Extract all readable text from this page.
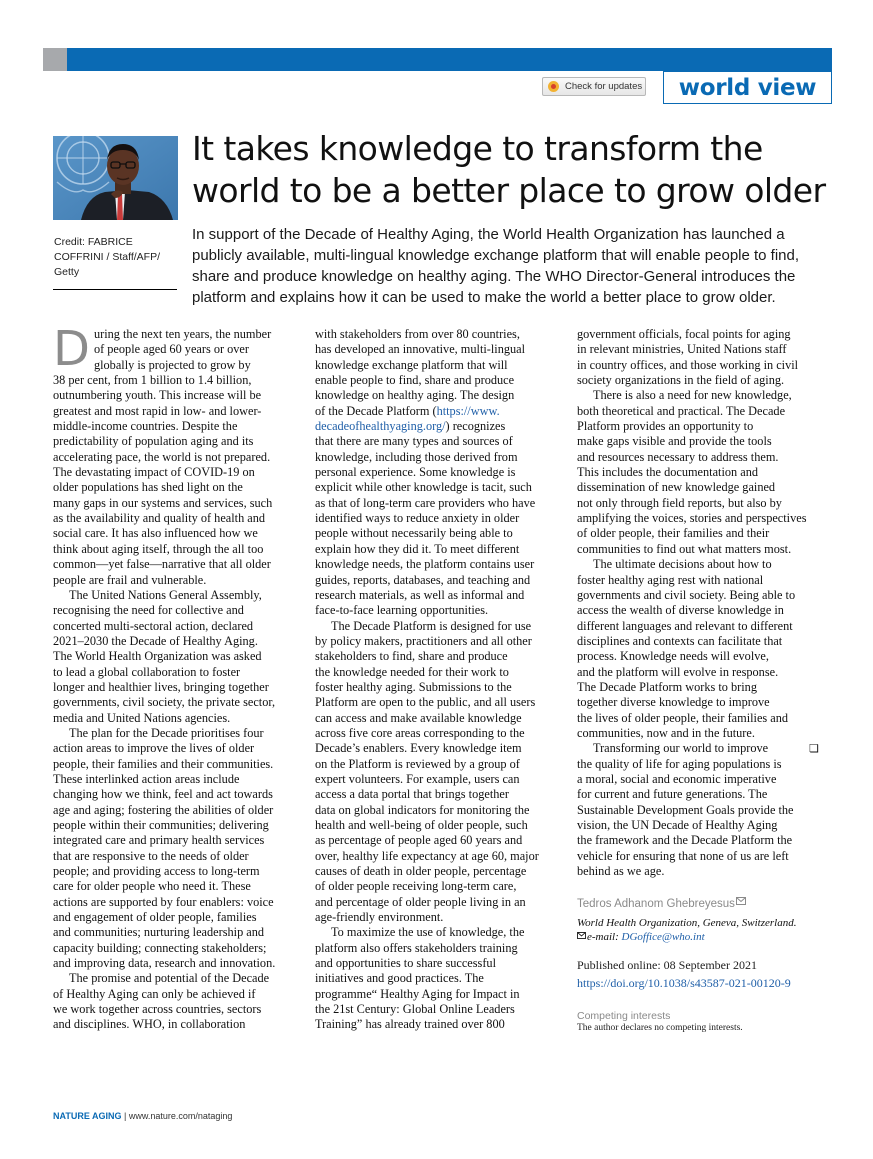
Check for updates	world view
Credit: FABRICE
COFFRINI / Staff/AFP/
Getty
It takes knowledge to transform the
world to be a better place to grow older

In support of the Decade of Healthy Aging, the World Health Organization has launched a
publicly available, multi-lingual knowledge exchange platform that will enable people to find,
share and produce knowledge on healthy aging. The WHO Director-General introduces the
platform and explains how it can be used to make the world a better place to grow older.

During the next ten years, the number
of people aged 60 years or over
globally is projected to grow by
38 per cent, from 1 billion to 1.4 billion,
outnumbering youth. This increase will be
greatest and most rapid in low- and lower-
middle-income countries. Despite the
predictability of population aging and its
accelerating pace, the world is not prepared.
The devastating impact of COVID-19 on
older populations has shed light on the
many gaps in our systems and services, such
as the availability and quality of health and
social care. It has also influenced how we
think about aging itself, through the all too
common—yet false—narrative that all older
people are frail and vulnerable.

The United Nations General Assembly,
recognising the need for collective and
concerted multi-sectoral action, declared
2021–2030 the Decade of Healthy Aging.
The World Health Organization was asked
to lead a global collaboration to foster
longer and healthier lives, bringing together
governments, civil society, the private sector,
media and United Nations agencies.

The plan for the Decade prioritises four
action areas to improve the lives of older
people, their families and their communities.
These interlinked action areas include
changing how we think, feel and act towards
age and aging; fostering the abilities of older
people within their communities; delivering
integrated care and primary health services
that are responsive to the needs of older
people; and providing access to long-term
care for older people who need it. These
actions are supported by four enablers: voice
and engagement of older people, families
and communities; nurturing leadership and
capacity building; connecting stakeholders;
and improving data, research and innovation.

The promise and potential of the Decade
of Healthy Aging can only be achieved if
we work together across countries, sectors
and disciplines. WHO, in collaboration

with stakeholders from over 80 countries,
has developed an innovative, multi-lingual
knowledge exchange platform that will
enable people to find, share and produce
knowledge on healthy aging. The design
of the Decade Platform (https://www.
decadeofhealthyaging.org/) recognizes
that there are many types and sources of
knowledge, including those derived from
personal experience. Some knowledge is
explicit while other knowledge is tacit, such
as that of long-term care providers who have
identified ways to reduce anxiety in older
people without necessarily being able to
explain how they did it. To meet different
knowledge needs, the platform contains user
guides, reports, databases, and teaching and
research materials, as well as informal and
face-to-face learning opportunities.

The Decade Platform is designed for use
by policy makers, practitioners and all other
stakeholders to find, share and produce
the knowledge needed for their work to
foster healthy aging. Submissions to the
Platform are open to the public, and all users
can access and make available knowledge
across five core areas corresponding to the
Decade’s enablers. Every knowledge item
on the Platform is reviewed by a group of
expert volunteers. For example, users can
access a data portal that brings together
data on global indicators for monitoring the
health and well-being of older people, such
as percentage of people aged 60 years and
over, healthy life expectancy at age 60, major
causes of death in older people, percentage
of older people receiving long-term care,
and percentage of older people living in an
age-friendly environment.

To maximize the use of knowledge, the
platform also offers stakeholders training
and opportunities to share successful
initiatives and good practices. The
programme“ Healthy Aging for Impact in
the 21st Century: Global Online Leaders
Training” has already trained over 800

government officials, focal points for aging
in relevant ministries, United Nations staff
in country offices, and those working in civil
society organizations in the field of aging.

There is also a need for new knowledge,
both theoretical and practical. The Decade
Platform provides an opportunity to
make gaps visible and provide the tools
and resources necessary to address them.
This includes the documentation and
dissemination of new knowledge gained
not only through field reports, but also by
amplifying the voices, stories and perspectives
of older people, their families and their
communities to find out what matters most.

The ultimate decisions about how to
foster healthy aging rest with national
governments and civil society. Being able to
access the wealth of diverse knowledge in
different languages and relevant to different
disciplines and contexts can facilitate that
process. Knowledge needs will evolve,
and the platform will evolve in response.
The Decade Platform works to bring
together diverse knowledge to improve
the lives of older people, their families and
communities, now and in the future.

❏
Transforming our world to improve
the quality of life for aging populations is
a moral, social and economic imperative
for current and future generations. The
Sustainable Development Goals provide the
vision, the UN Decade of Healthy Aging
the framework and the Decade Platform the
vehicle for ensuring that none of us are left
behind as we age.

Tedros Adhanom Ghebreyesus
World Health Organization, Geneva, Switzerland.
e-mail: DGoffice@who.int
Published online: 08 September 2021
https://doi.org/10.1038/s43587-021-00120-9
Competing interests
The author declares no competing interests.
NATURE AGING | www.nature.com/nataging
